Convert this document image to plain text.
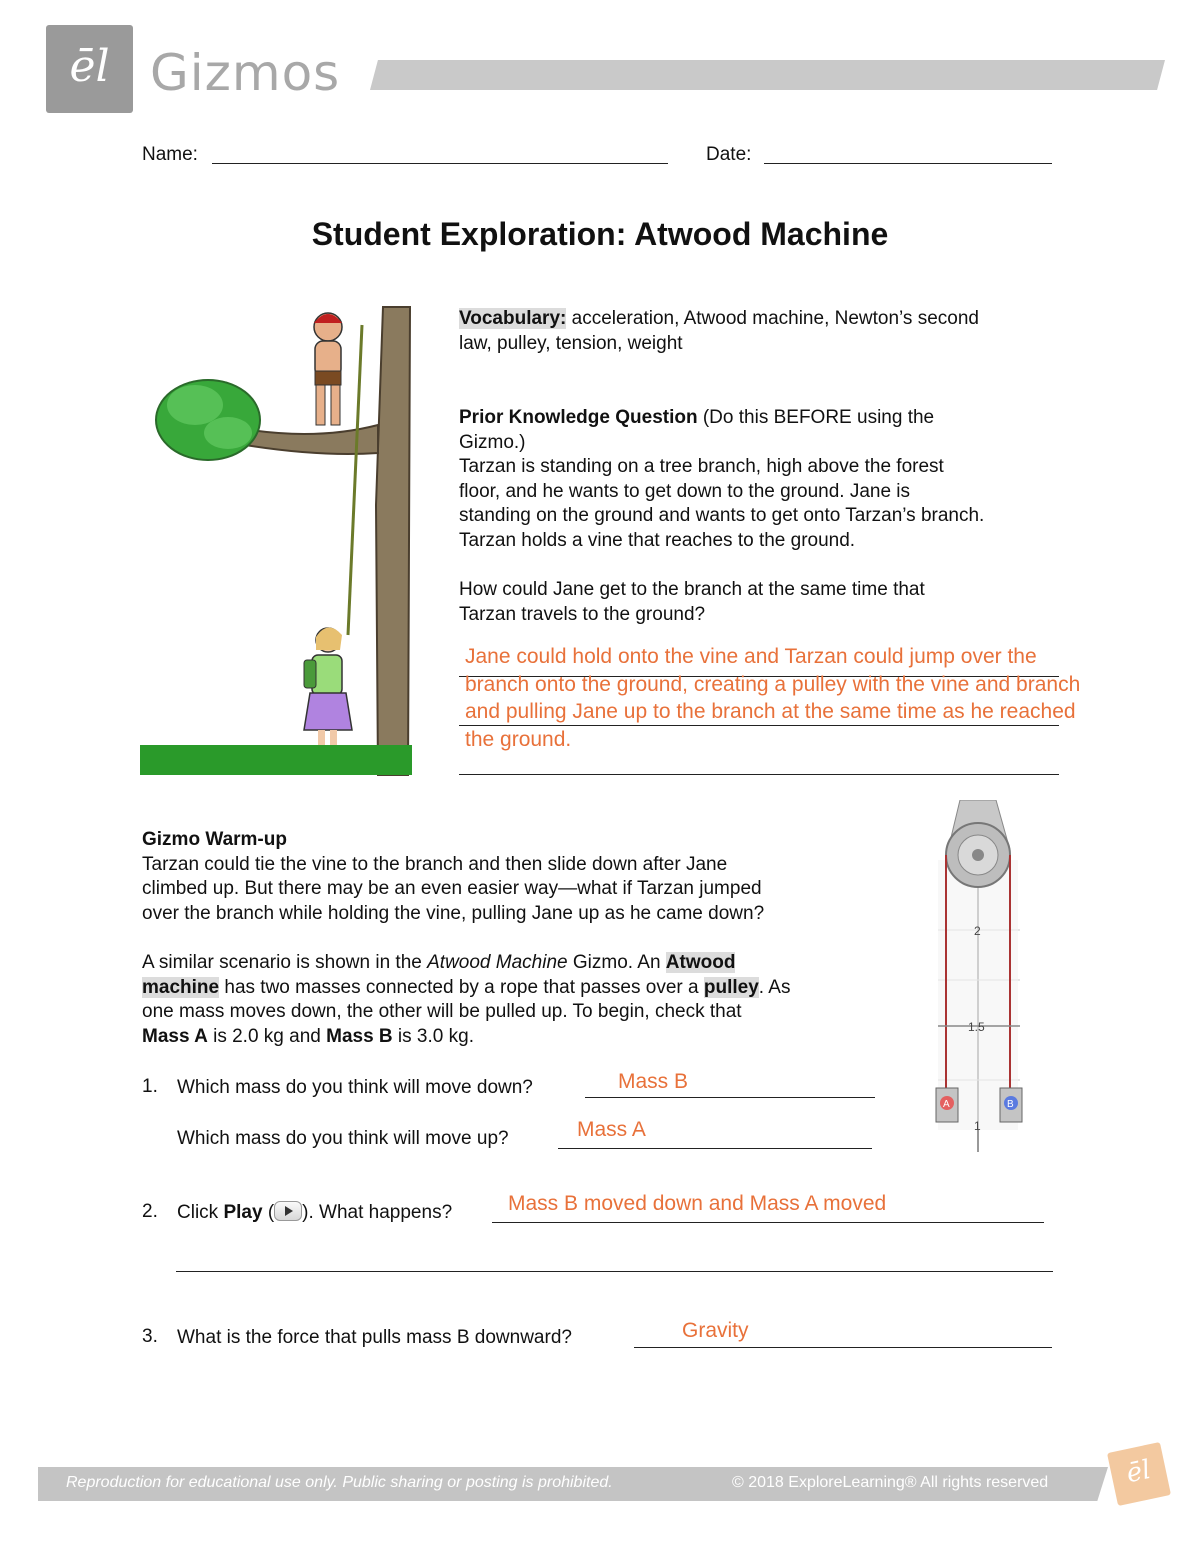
ēl Gizmos
Name:	Date:
Student Exploration: Atwood Machine
Vocabulary: acceleration, Atwood machine, Newton’s second
law, pulley, tension, weight
Prior Knowledge Question (Do this BEFORE using the
Gizmo.)
Tarzan is standing on a tree branch, high above the forest
floor, and he wants to get down to the ground. Jane is
standing on the ground and wants to get onto Tarzan’s branch.
Tarzan holds a vine that reaches to the ground.
How could Jane get to the branch at the same time that
Tarzan travels to the ground?
Jane could hold onto the vine and Tarzan could jump over the
branch onto the ground, creating a pulley with the vine and branch
and pulling Jane up to the branch at the same time as he reached
the ground.
Gizmo Warm-up
Tarzan could tie the vine to the branch and then slide down after Jane
climbed up. But there may be an even easier way—what if Tarzan jumped
over the branch while holding the vine, pulling Jane up as he came down?
A similar scenario is shown in the Atwood Machine Gizmo. An Atwood
machine has two masses connected by a rope that passes over a pulley. As
one mass moves down, the other will be pulled up. To begin, check that
Mass A is 2.0 kg and Mass B is 3.0 kg.
2
1.5
1
A	B
1. Which mass do you think will move down?	Mass B
Which mass do you think will move up?	Mass A
2. Click Play ( ). What happens?	Mass B moved down and Mass A moved
3. What is the force that pulls mass B downward?	Gravity
Reproduction for educational use only. Public sharing or posting is prohibited.	© 2018 ExploreLearning® All rights reserved	ēl
